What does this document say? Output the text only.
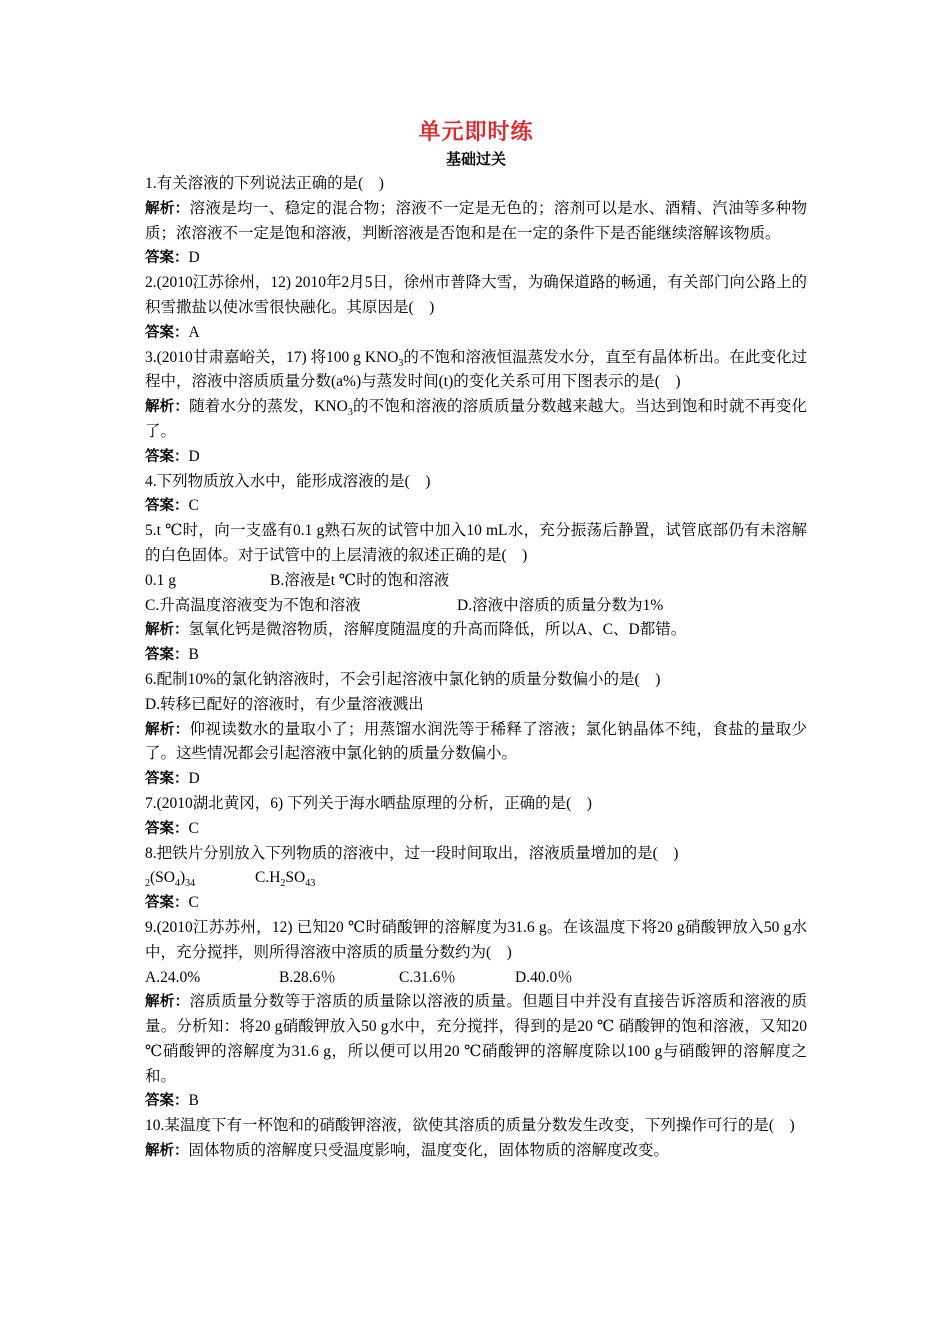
单元即时练
基础过关

1.有关溶液的下列说法正确的是(　)

解析：溶液是均一、稳定的混合物；溶液不一定是无色的；溶剂可以是水、酒精、汽油等多种物质；浓溶液不一定是饱和溶液，判断溶液是否饱和是在一定的条件下是否能继续溶解该物质。

答案：D

2.(2010江苏徐州，12) 2010年2月5日，徐州市普降大雪，为确保道路的畅通，有关部门向公路上的积雪撒盐以使冰雪很快融化。其原因是(　)

答案：A

3.(2010甘肃嘉峪关，17) 将100 g $KNO_3$的不饱和溶液恒温蒸发水分，直至有晶体析出。在此变化过程中，溶液中溶质质量分数(a%)与蒸发时间(t)的变化关系可用下图表示的是(　)

解析：随着水分的蒸发，$KNO_3$的不饱和溶液的溶质质量分数越来越大。当达到饱和时就不再变化了。

答案：D

4.下列物质放入水中，能形成溶液的是(　)

答案：C

5.t ℃时，向一支盛有0.1 g熟石灰的试管中加入10 mL水，充分振荡后静置，试管底部仍有未溶解的白色固体。对于试管中的上层清液的叙述正确的是(　)

0.1 g	B.溶液是t ℃时的饱和溶液

C.升高温度溶液变为不饱和溶液	D.溶液中溶质的质量分数为1%

解析：氢氧化钙是微溶物质，溶解度随温度的升高而降低，所以A、C、D都错。

答案：B

6.配制10%的氯化钠溶液时，不会引起溶液中氯化钠的质量分数偏小的是(　)

D.转移已配好的溶液时，有少量溶液溅出

解析：仰视读数水的量取小了；用蒸馏水润洗等于稀释了溶液；氯化钠晶体不纯，食盐的量取少了。这些情况都会引起溶液中氯化钠的质量分数偏小。

答案：D

7.(2010湖北黄冈，6) 下列关于海水晒盐原理的分析，正确的是(　)

答案：C

8.把铁片分别放入下列物质的溶液中，过一段时间取出，溶液质量增加的是(　)

$_2(SO_4)_{34}$	$C.H_2SO_{43}$

答案：C

9.(2010江苏苏州，12) 已知20 ℃时硝酸钾的溶解度为31.6 g。在该温度下将20 g硝酸钾放入50 g水中，充分搅拌，则所得溶液中溶质的质量分数约为(　)

A.24.0%	B.28.6％	C.31.6％	D.40.0％

解析：溶质质量分数等于溶质的质量除以溶液的质量。但题目中并没有直接告诉溶质和溶液的质量。分析知：将20 g硝酸钾放入50 g水中，充分搅拌，得到的是20 ℃ 硝酸钾的饱和溶液，又知20 ℃硝酸钾的溶解度为31.6 g，所以便可以用20 ℃硝酸钾的溶解度除以100 g与硝酸钾的溶解度之和。

答案：B

10.某温度下有一杯饱和的硝酸钾溶液，欲使其溶质的质量分数发生改变，下列操作可行的是(　)

解析：固体物质的溶解度只受温度影响，温度变化，固体物质的溶解度改变。
